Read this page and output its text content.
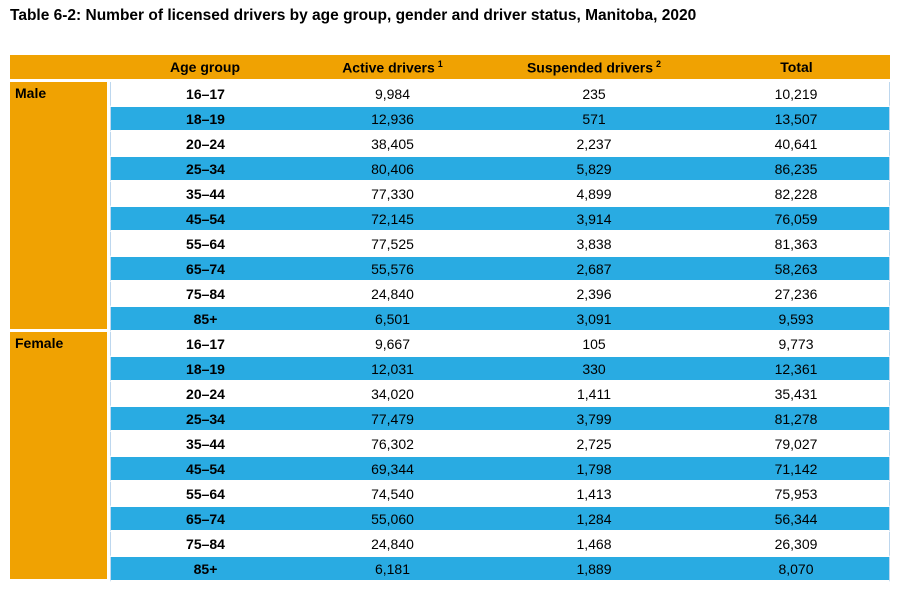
Table 6-2: Number of licensed drivers by age group, gender and driver status, Manitoba, 2020
	Age group	Active drivers $^1$	Suspended drivers $^2$	Total
Male	16–17	9,984	235	10,219
	18–19	12,936	571	13,507
	20–24	38,405	2,237	40,641
	25–34	80,406	5,829	86,235
	35–44	77,330	4,899	82,228
	45–54	72,145	3,914	76,059
	55–64	77,525	3,838	81,363
	65–74	55,576	2,687	58,263
	75–84	24,840	2,396	27,236
	85+	6,501	3,091	9,593
Female	16–17	9,667	105	9,773
	18–19	12,031	330	12,361
	20–24	34,020	1,411	35,431
	25–34	77,479	3,799	81,278
	35–44	76,302	2,725	79,027
	45–54	69,344	1,798	71,142
	55–64	74,540	1,413	75,953
	65–74	55,060	1,284	56,344
	75–84	24,840	1,468	26,309
	85+	6,181	1,889	8,070
